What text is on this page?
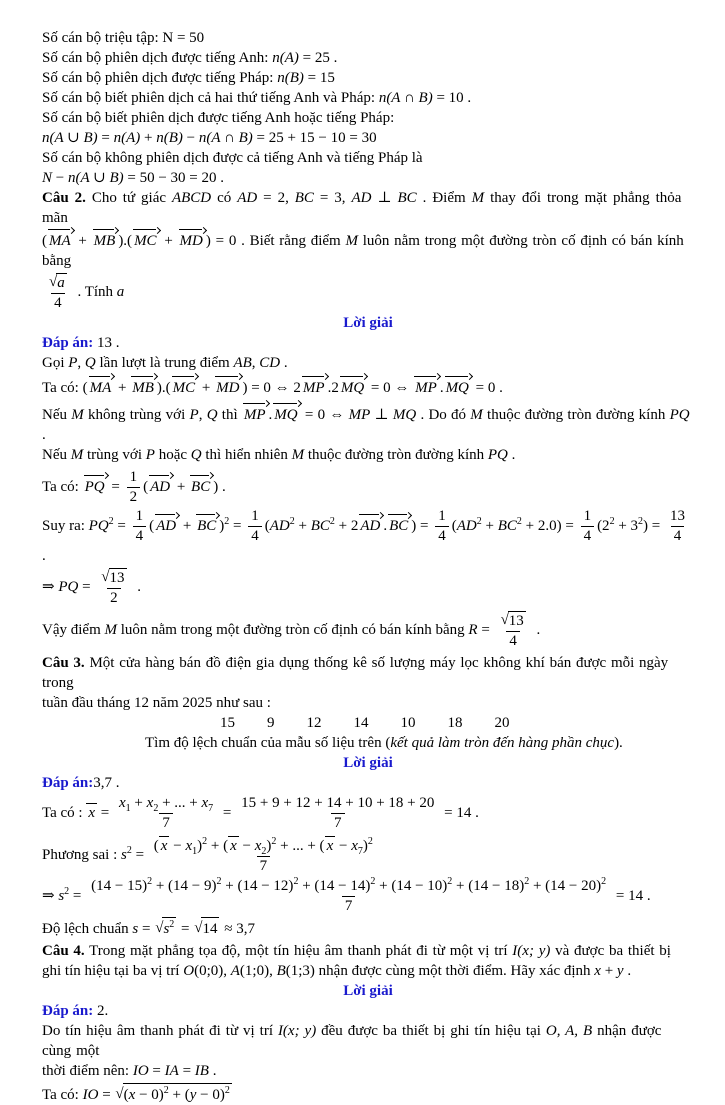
Số cán bộ triệu tập: N = 50
Số cán bộ phiên dịch được tiếng Anh: n(A) = 25 .
Số cán bộ phiên dịch được tiếng Pháp: n(B) = 15
Số cán bộ biết phiên dịch cả hai thứ tiếng Anh và Pháp: n(A ∩ B) = 10 .
Số cán bộ biết phiên dịch được tiếng Anh hoặc tiếng Pháp:
n(A ∪ B) = n(A) + n(B) − n(A ∩ B) = 25 + 15 − 10 = 30
Số cán bộ không phiên dịch được cả tiếng Anh và tiếng Pháp là
N − n(A ∪ B) = 50 − 30 = 20 .
Câu 2. Cho tứ giác ABCD có AD = 2, BC = 3, AD ⊥ BC . Điểm M thay đổi trong mặt phẳng thỏa mãn
( MA + MB ).( MC + MD ) = 0 . Biết rằng điểm M luôn nằm trong một đường tròn cố định có bán kính bằng
$\frac{√a}{4}$ . Tính a
Lời giải
Đáp án: 13 .
Gọi P, Q lần lượt là trung điểm AB, CD .
Ta có: ( MA + MB ).( MC + MD ) = 0 ⇔ 2 MP .2 MQ = 0 ⇔ MP . MQ = 0 .
Nếu M không trùng với P, Q thì MP . MQ = 0 ⇔ MP ⊥ MQ . Do đó M thuộc đường tròn đường kính PQ .
Nếu M trùng với P hoặc Q thì hiển nhiên M thuộc đường tròn đường kính PQ .
Ta có: PQ = $\frac{1}{2}$ ( AD + BC ) .
Suy ra: $PQ^2 = \frac{1}{4}$ ( AD + BC )$^2 = \frac{1}{4} (AD^2 + BC^2 + 2$ AD . BC ) = $\frac{1}{4} (AD^2 + BC^2 + 2.0) = \frac{1}{4} (2^2 + 3^2) = \frac{13}{4}$
.
⇒ PQ = $\frac{√13}{2}$ .
Vậy điểm M luôn nằm trong một đường tròn cố định có bán kính bằng $R = \frac{√13}{4}$ .
Câu 3. Một cửa hàng bán đồ điện gia dụng thống kê số lượng máy lọc không khí bán được mỗi ngày trong
tuần đầu tháng 12 năm 2025 như sau :
15 9 12 14 10 18 20
Tìm độ lệch chuẩn của mẫu số liệu trên (kết quả làm tròn đến hàng phần chục).
Lời giải
Đáp án:3,7 .
Ta có : $x = \frac{x_1 + x_2 + ... + x_7}{7} = \frac{15 + 9 + 12 + 14 + 10 + 18 + 20}{7} = 14$ .
Phương sai : $s^2 = \frac{( x - x_1)^2 + ( x - x_2)^2 + ... + ( x - x_7)^2}{7}$
⇒ $s^2$ =
$(14 - 15)^2 + (14 - 9)^2 + (14 - 12)^2 + (14 - 14)^2 + (14 - 10)^2 + (14 - 18)^2 + (14 - 20)^2$
7
= 14 .
Độ lệch chuẩn $s = √s^2 = √14 \approx 3,7$
Câu 4. Trong mặt phẳng tọa độ, một tín hiệu âm thanh phát đi từ một vị trí I(x; y) và được ba thiết bị
ghi tín hiệu tại ba vị trí O(0;0), A(1;0), B(1;3) nhận được cùng một thời điểm. Hãy xác định x + y .
Lời giải
Đáp án: 2.
Do tín hiệu âm thanh phát đi từ vị trí I(x; y) đều được ba thiết bị ghi tín hiệu tại O, A, B nhận được cùng một
thời điểm nên: IO = IA = IB .
Ta có: IO = $√(x - 0)^2 + (y - 0)^2$
